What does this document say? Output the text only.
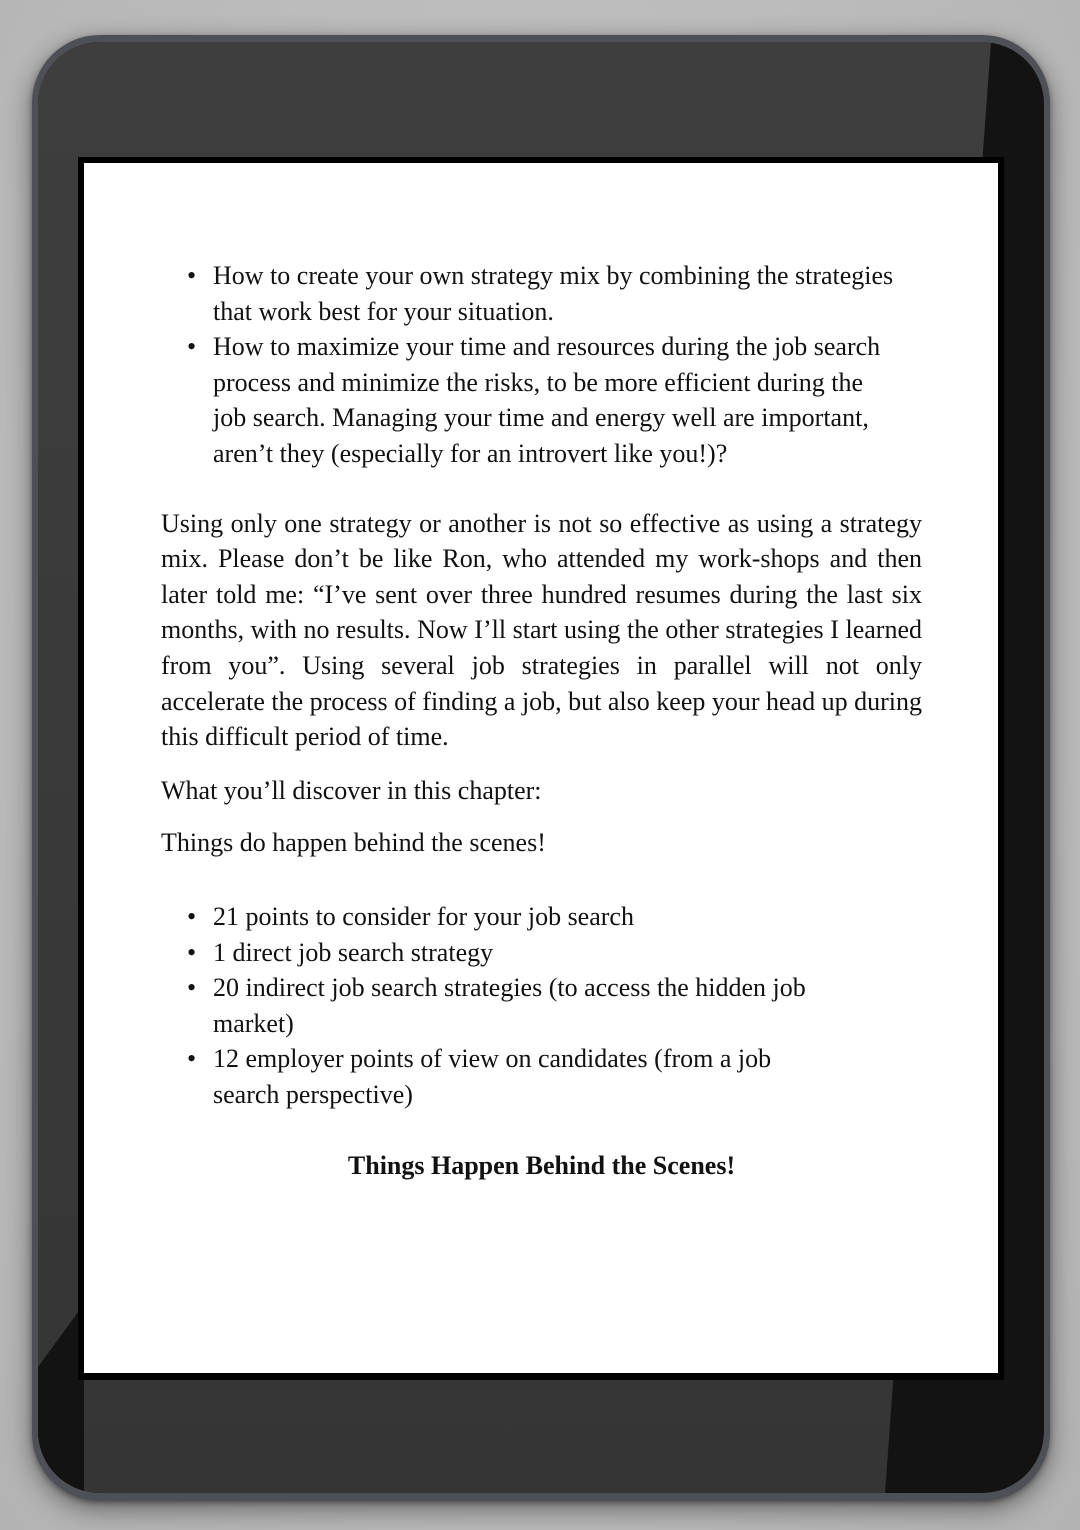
• How to create your own strategy mix by combining the strategies that work best for your situation.
• How to maximize your time and resources during the job search process and minimize the risks, to be more efficient during the job search. Managing your time and energy well are important, aren’t they (especially for an introvert like you!)?

Using only one strategy or another is not so effective as using a strategy mix. Please don’t be like Ron, who attended my work-shops and then later told me: “I’ve sent over three hundred resumes during the last six months, with no results. Now I’ll start using the other strategies I learned from you”. Using several job strategies in parallel will not only accelerate the process of finding a job, but also keep your head up during this difficult period of time.

What you’ll discover in this chapter:

Things do happen behind the scenes!

• 21 points to consider for your job search
• 1 direct job search strategy
• 20 indirect job search strategies (to access the hidden job market)
• 12 employer points of view on candidates (from a job search perspective)

Things Happen Behind the Scenes!
